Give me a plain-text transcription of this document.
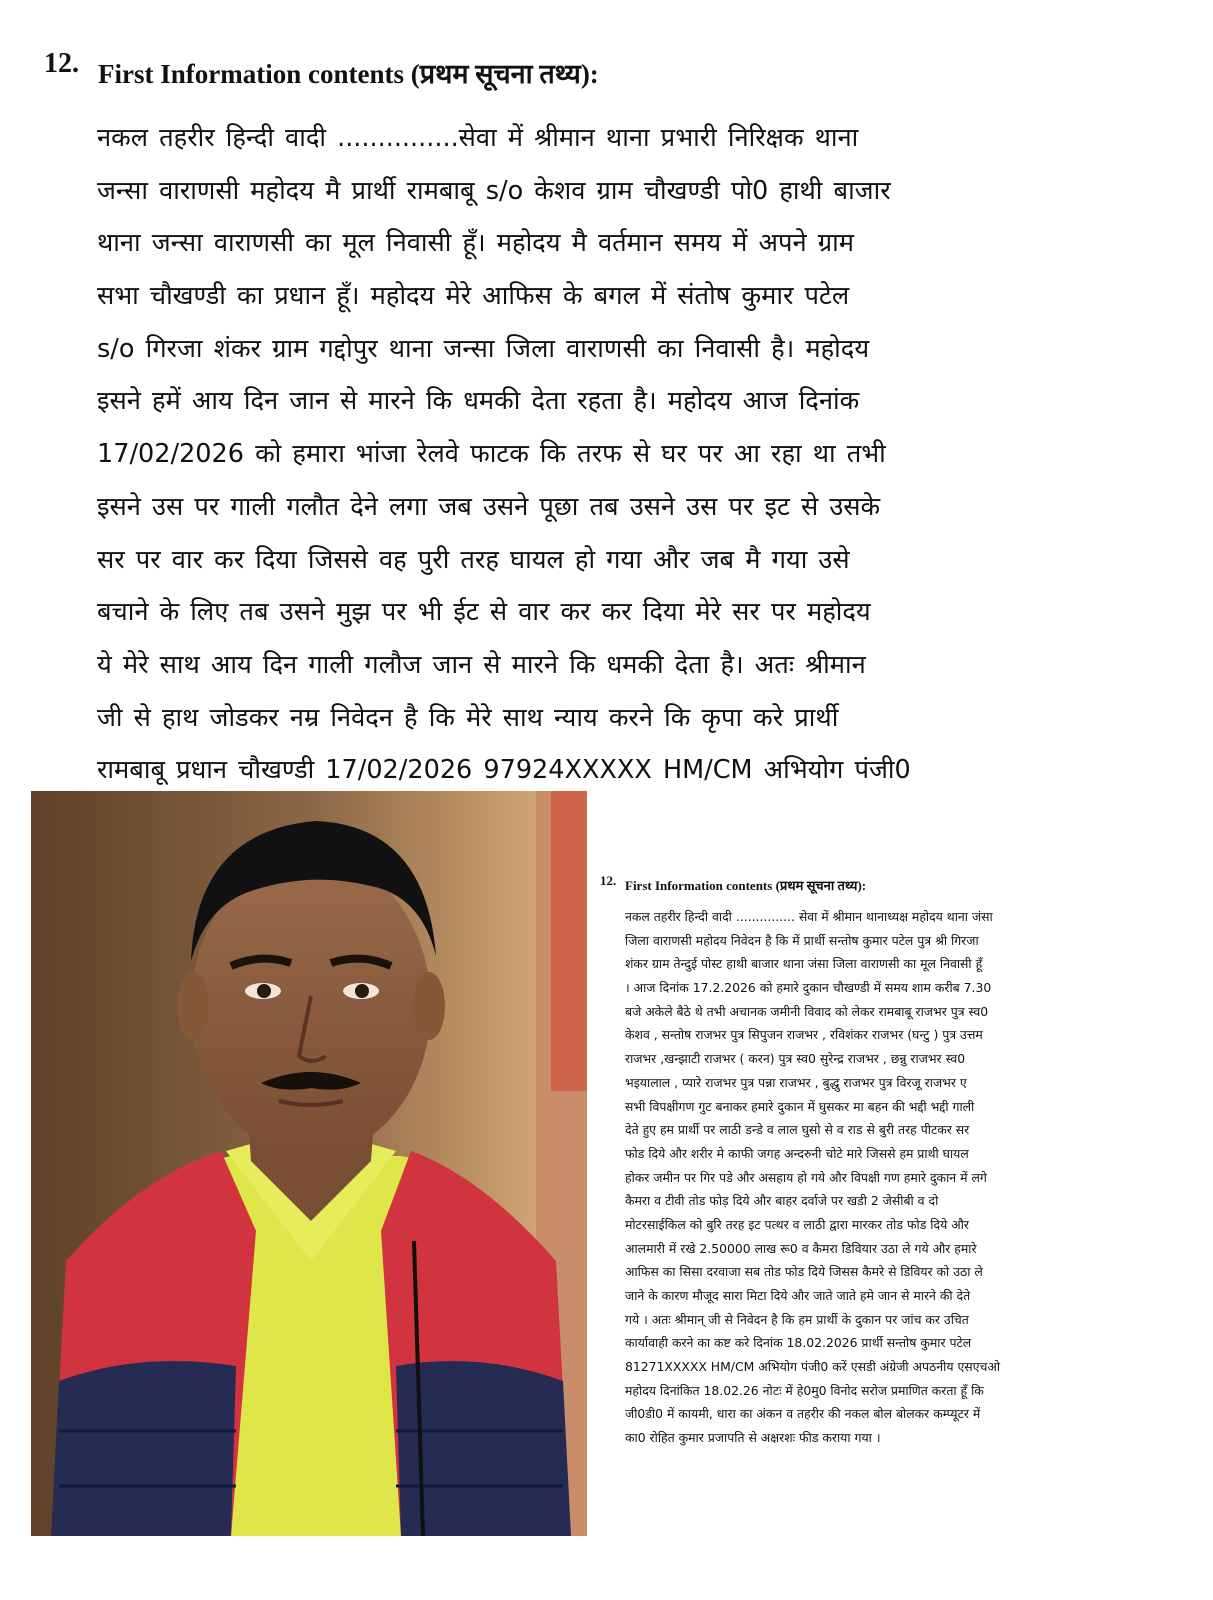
12. First Information contents (प्रथम सूचना तथ्य):
नकल तहरीर हिन्दी वादी ...............सेवा में श्रीमान थाना प्रभारी निरिक्षक थाना
जन्सा वाराणसी महोदय मै प्रार्थी रामबाबू s/o केशव ग्राम चौखण्डी पो0 हाथी बाजार
थाना जन्सा वाराणसी का मूल निवासी हूँ। महोदय मै वर्तमान समय में अपने ग्राम
सभा चौखण्डी का प्रधान हूँ। महोदय मेरे आफिस के बगल में संतोष कुमार पटेल
s/o गिरजा शंकर ग्राम गद्दोपुर थाना जन्सा जिला वाराणसी का निवासी है। महोदय
इसने हमें आय दिन जान से मारने कि धमकी देता रहता है। महोदय आज दिनांक
17/02/2026 को हमारा भांजा रेलवे फाटक कि तरफ से घर पर आ रहा था तभी
इसने उस पर गाली गलौत देने लगा जब उसने पूछा तब उसने उस पर इट से उसके
सर पर वार कर दिया जिससे वह पुरी तरह घायल हो गया और जब मै गया उसे
बचाने के लिए तब उसने मुझ पर भी ईट से वार कर कर दिया मेरे सर पर महोदय
ये मेरे साथ आय दिन गाली गलौज जान से मारने कि धमकी देता है। अतः श्रीमान
जी से हाथ जोडकर नम्र निवेदन है कि मेरे साथ न्याय करने कि कृपा करे प्रार्थी
रामबाबू प्रधान चौखण्डी 17/02/2026 97924XXXXX HM/CM अभियोग पंजी0
12. First Information contents (प्रथम सूचना तथ्य):
नकल तहरीर हिन्दी वादी ............... सेवा में श्रीमान थानाध्यक्ष महोदय थाना जंसा
जिला वाराणसी महोदय निवेदन है कि में प्रार्थी सन्तोष कुमार पटेल पुत्र श्री गिरजा
शंकर ग्राम तेन्दुई पोस्ट हाथी बाजार थाना जंसा जिला वाराणसी का मूल निवासी हूँ
। आज दिनांक 17.2.2026 को हमारे दुकान चौखण्डी में समय शाम करीब 7.30
बजे अकेले बैठे थे तभी अचानक जमीनी विवाद को लेकर रामबाबू राजभर पुत्र स्व0
केशव , सन्तोष राजभर पुत्र सिपुजन राजभर , रविशंकर राजभर (घन्टु ) पुत्र उत्तम
राजभर ,खन्झाटी राजभर ( करन) पुत्र स्व0 सुरेन्द्र राजभर , छन्नु राजभर स्व0
भइयालाल , प्यारे राजभर पुत्र पन्ना राजभर , बुद्धु राजभर पुत्र विरजू राजभर ए
सभी विपक्षीगण गुट बनाकर हमारे दुकान में घुसकर मा बहन की भद्दी भद्दी गाली
देते हुए हम प्रार्थी पर लाठी डन्डे व लाल घुसो से व राड से बुरी तरह पीटकर सर
फोड दिये और शरीर मे काफी जगह अन्दरुनी चोटे मारे जिससे हम प्राथी घायल
होकर जमीन पर गिर पडे और असहाय हो गये और विपक्षी गण हमारे दुकान में लगे
कैमरा व टीवी तोड फोड़ दिये और बाहर दर्वाजे पर खडी 2 जेसीबी व दो
मोटरसाईकिल को बुरि तरह इट पत्थर व लाठी द्वारा मारकर तोड फोड दिये और
आलमारी में रखे 2.50000 लाख रू0 व कैमरा डिवियार उठा ले गये और हमारे
आफिस का सिसा दरवाजा सब तोड फोड दिये जिसस कैमरे से डिवियर को उठा ले
जाने के कारण मौजूद सारा मिटा दिये और जाते जाते हमे जान से मारने की देते
गये । अतः श्रीमान् जी से निवेदन है कि हम प्रार्थी के दुकान पर जांच कर उचित
कार्यावाही करने का कष्ट करे दिनांक 18.02.2026 प्रार्थी सन्तोष कुमार पटेल
81271XXXXX HM/CM अभियोग पंजी0 करें एसडी अंग्रेजी अपठनीय एसएचओ
महोदय दिनांकित 18.02.26 नोटः में हे0मु0 विनोद सरोज प्रमाणित करता हूँ कि
जी0डी0 में कायमी, धारा का अंकन व तहरीर की नकल बोल बोलकर कम्प्यूटर में
का0 रोहित कुमार प्रजापति से अक्षरशः फीड कराया गया ।
